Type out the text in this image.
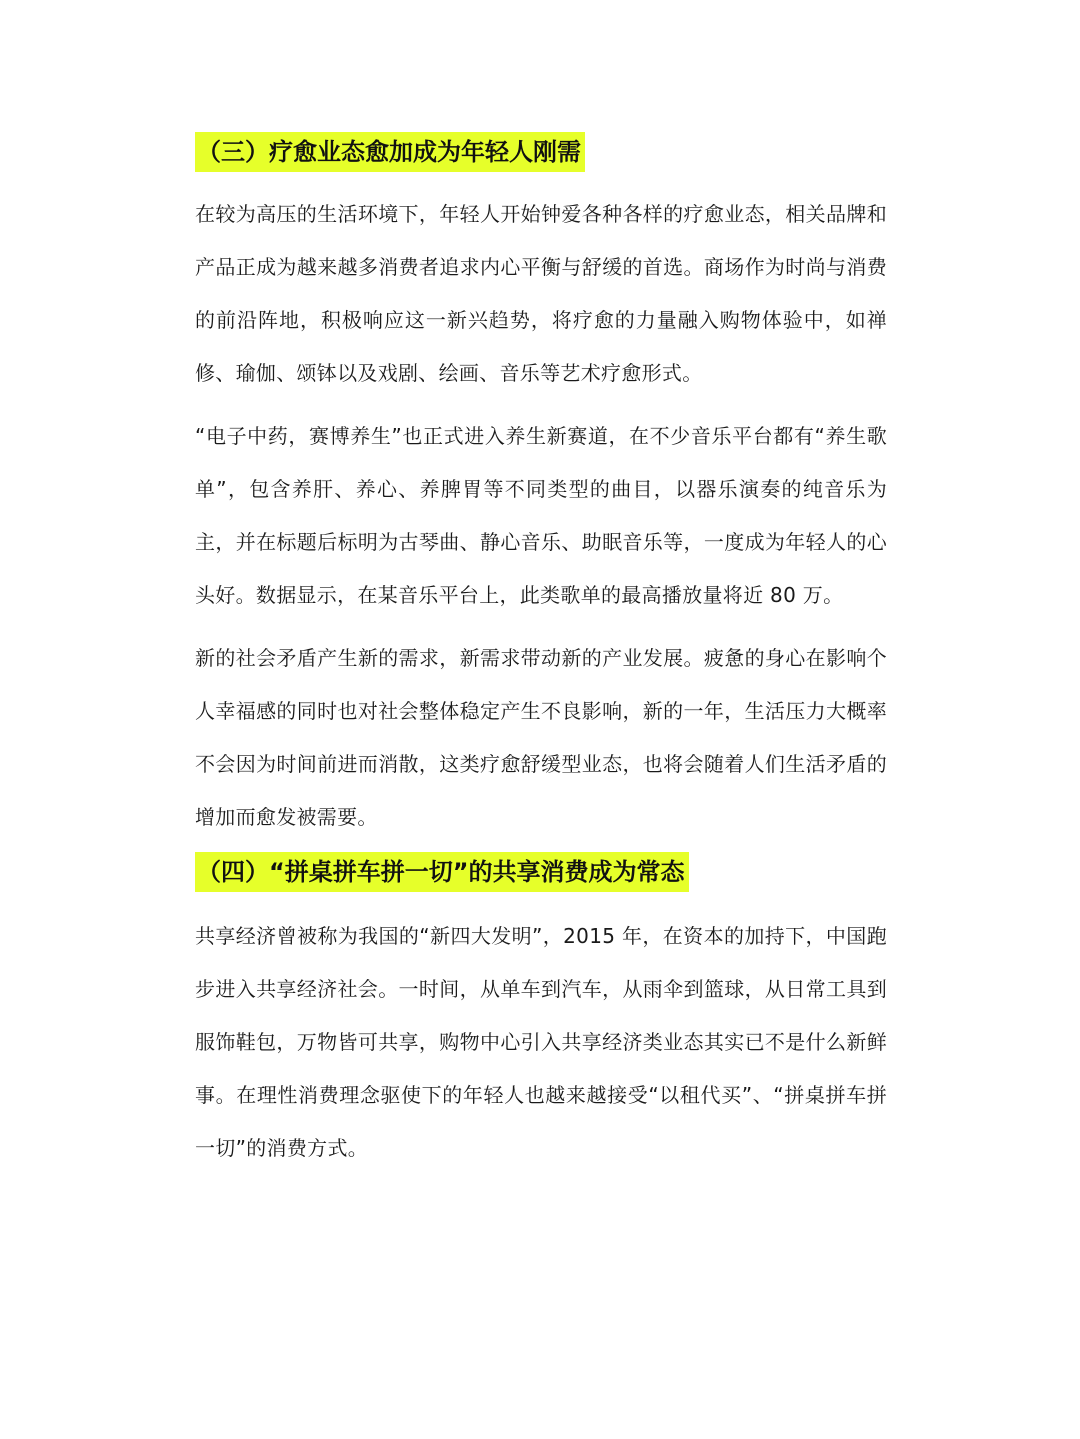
（三）疗愈业态愈加成为年轻人刚需

在较为高压的生活环境下，年轻人开始钟爱各种各样的疗愈业态，相关品牌和产品正成为越来越多消费者追求内心平衡与舒缓的首选。商场作为时尚与消费的前沿阵地，积极响应这一新兴趋势，将疗愈的力量融入购物体验中，如禅修、瑜伽、颂钵以及戏剧、绘画、音乐等艺术疗愈形式。

“电子中药，赛博养生”也正式进入养生新赛道，在不少音乐平台都有“养生歌单”，包含养肝、养心、养脾胃等不同类型的曲目，以器乐演奏的纯音乐为主，并在标题后标明为古琴曲、静心音乐、助眠音乐等，一度成为年轻人的心头好。数据显示，在某音乐平台上，此类歌单的最高播放量将近 80 万。

新的社会矛盾产生新的需求，新需求带动新的产业发展。疲惫的身心在影响个人幸福感的同时也对社会整体稳定产生不良影响，新的一年，生活压力大概率不会因为时间前进而消散，这类疗愈舒缓型业态，也将会随着人们生活矛盾的增加而愈发被需要。

（四）“拼桌拼车拼一切”的共享消费成为常态

共享经济曾被称为我国的“新四大发明”，2015 年，在资本的加持下，中国跑步进入共享经济社会。一时间，从单车到汽车，从雨伞到篮球，从日常工具到服饰鞋包，万物皆可共享，购物中心引入共享经济类业态其实已不是什么新鲜事。在理性消费理念驱使下的年轻人也越来越接受“以租代买”、“拼桌拼车拼一切”的消费方式。
